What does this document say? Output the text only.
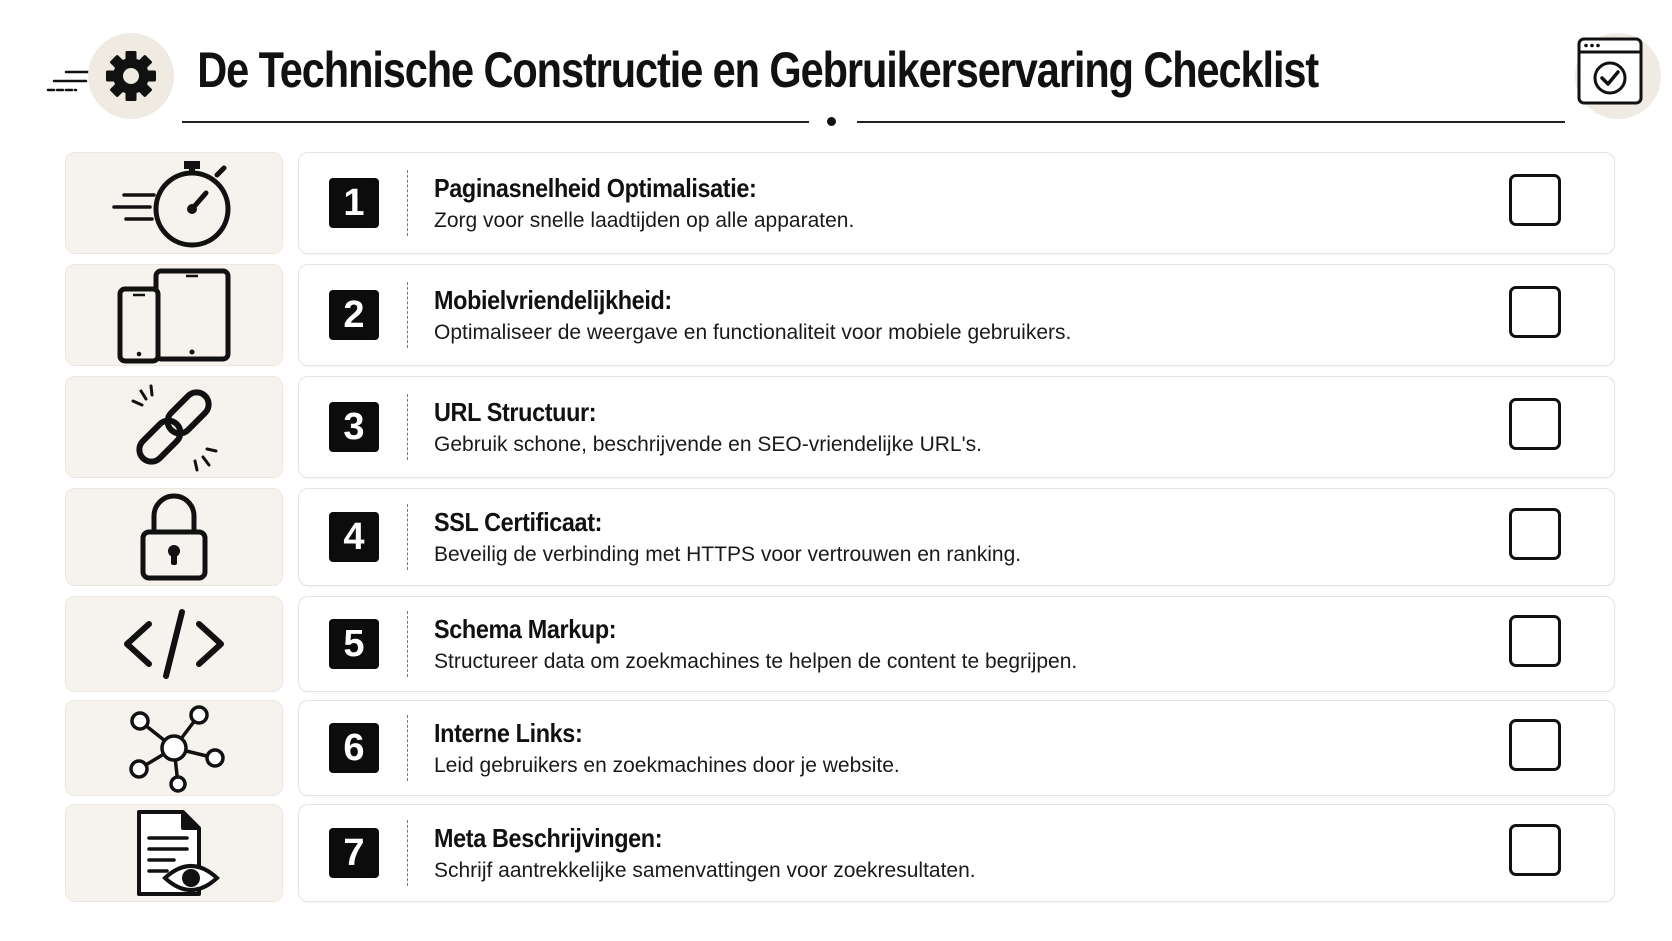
De Technische Constructie en Gebruikerservaring Checklist
1	Paginasnelheid Optimalisatie:
Zorg voor snelle laadtijden op alle apparaten.
2	Mobielvriendelijkheid:
Optimaliseer de weergave en functionaliteit voor mobiele gebruikers.
3	URL Structuur:
Gebruik schone, beschrijvende en SEO-vriendelijke URL's.
4	SSL Certificaat:
Beveilig de verbinding met HTTPS voor vertrouwen en ranking.
5	Schema Markup:
Structureer data om zoekmachines te helpen de content te begrijpen.
6	Interne Links:
Leid gebruikers en zoekmachines door je website.
7	Meta Beschrijvingen:
Schrijf aantrekkelijke samenvattingen voor zoekresultaten.
